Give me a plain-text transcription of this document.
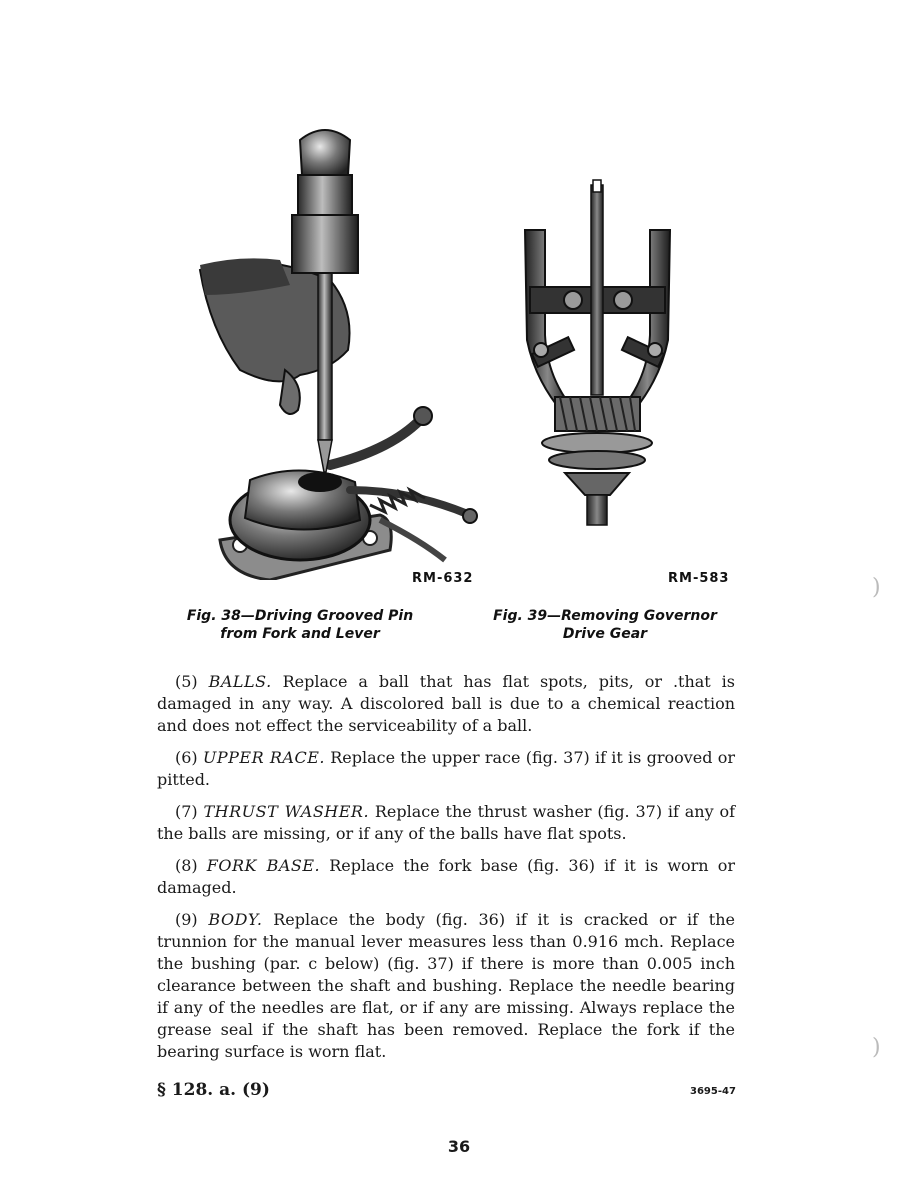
RM-632	RM-583
Fig. 38—Driving Grooved Pin
from Fork and Lever
Fig. 39—Removing Governor
Drive Gear

(5) BALLS. Replace a ball that has flat spots, pits, or .that is damaged in any way. A discolored ball is due to a chemical reaction and does not effect the serviceability of a ball.

(6) UPPER RACE. Replace the upper race (fig. 37) if it is grooved or pitted.

(7) THRUST WASHER. Replace the thrust washer (fig. 37) if any of the balls are missing, or if any of the balls have flat spots.

(8) FORK BASE. Replace the fork base (fig. 36) if it is worn or damaged.

(9) BODY. Replace the body (fig. 36) if it is cracked or if the trunnion for the manual lever measures less than 0.916 mch. Replace the bushing (par. c below) (fig. 37) if there is more than 0.005 inch clearance between the shaft and bushing. Replace the needle bearing if any of the needles are flat, or if any are missing. Always replace the grease seal if the shaft has been removed. Replace the fork if the bearing surface is worn flat.

§ 128. a. (9)	3695-47
36
)
)
